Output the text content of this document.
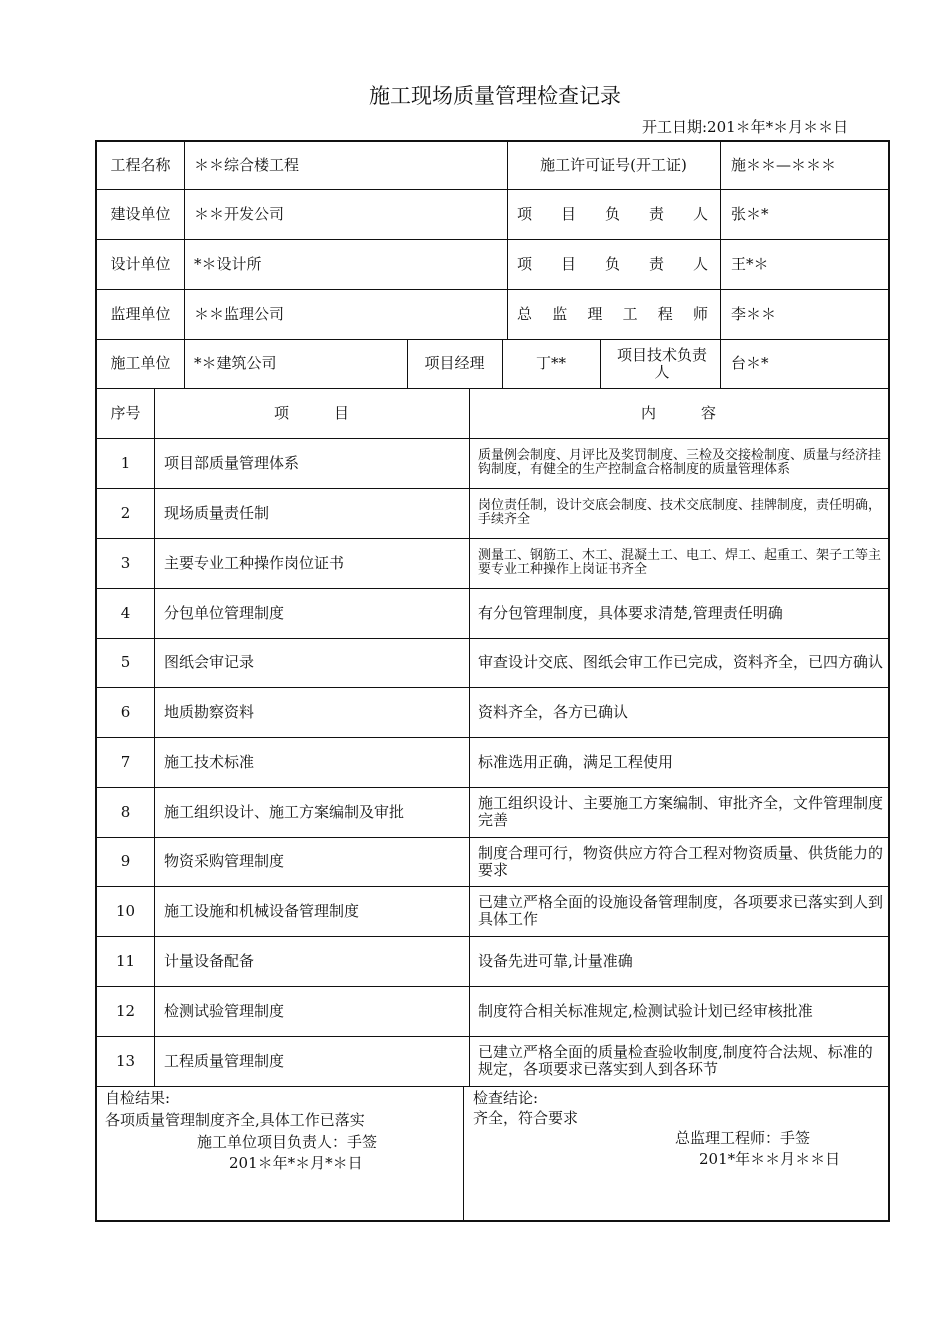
施工现场质量管理检查记录
开工日期:201＊年*＊月＊＊日
工程名称	＊＊综合楼工程	施工许可证号(开工证)	施＊＊—＊＊＊
建设单位	＊＊开发公司	项 目 负 责 人 张＊*
设计单位	*＊设计所	项 目 负 责 人 王*＊
监理单位	＊＊监理公司	总 监 理 工 程 师 李＊＊
施工单位	*＊建筑公司	项目经理	丁**	项目技术负责人	台＊*
序号	项　　　目	内　　　容
1	项目部质量管理体系	质量例会制度、月评比及奖罚制度、三检及交接检制度、质量与经济挂钩制度，有健全的生产控制盒合格制度的质量管理体系
2	现场质量责任制	岗位责任制，设计交底会制度、技术交底制度、挂牌制度，责任明确，手续齐全
3	主要专业工种操作岗位证书	测量工、钢筋工、木工、混凝土工、电工、焊工、起重工、架子工等主要专业工种操作上岗证书齐全
4	分包单位管理制度	有分包管理制度，具体要求清楚,管理责任明确
5	图纸会审记录	审查设计交底、图纸会审工作已完成，资料齐全，已四方确认
6	地质勘察资料	资料齐全，各方已确认
7	施工技术标准	标准选用正确，满足工程使用
8	施工组织设计、施工方案编制及审批	施工组织设计、主要施工方案编制、审批齐全，文件管理制度完善
9	物资采购管理制度	制度合理可行，物资供应方符合工程对物资质量、供货能力的要求
10	施工设施和机械设备管理制度	已建立严格全面的设施设备管理制度，各项要求已落实到人到具体工作
11	计量设备配备	设备先进可靠,计量准确
12	检测试验管理制度	制度符合相关标准规定,检测试验计划已经审核批准
13	工程质量管理制度	已建立严格全面的质量检查验收制度,制度符合法规、标准的规定，各项要求已落实到人到各环节
自检结果:
各项质量管理制度齐全,具体工作已落实
施工单位项目负责人：手签
201＊年*＊月*＊日
检查结论:
齐全，符合要求
总监理工程师：手签
201*年＊＊月＊＊日
